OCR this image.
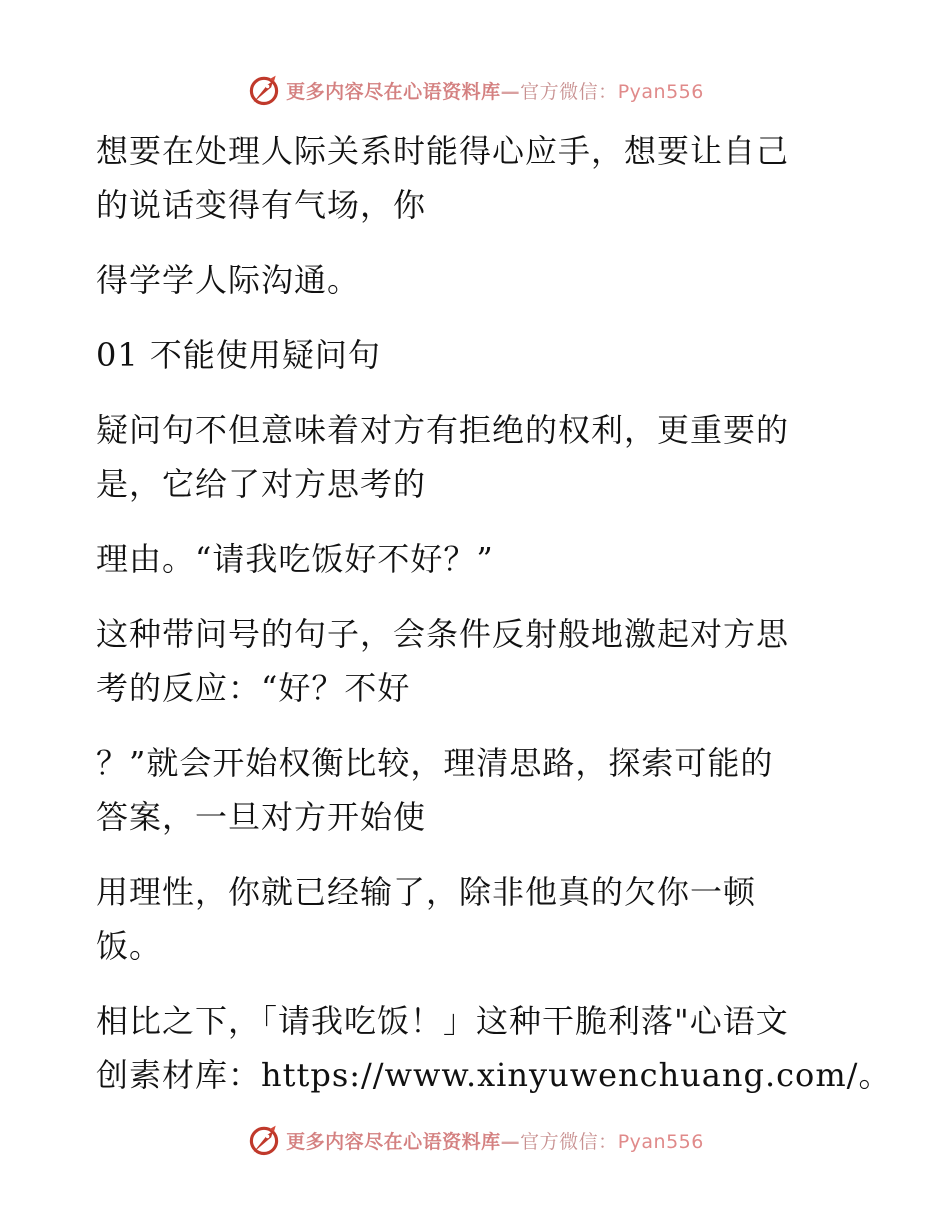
更多内容尽在心语资料库—官方微信：Pyan556

想要在处理人际关系时能得心应手，想要让自己
的说话变得有气场，你

得学学人际沟通。

01 不能使用疑问句

疑问句不但意味着对方有拒绝的权利，更重要的
是，它给了对方思考的

理由。“请我吃饭好不好？”

这种带问号的句子，会条件反射般地激起对方思
考的反应：“好？不好

？”就会开始权衡比较，理清思路，探索可能的
答案，一旦对方开始使

用理性，你就已经输了，除非他真的欠你一顿
饭。

相比之下，「请我吃饭！」这种干脆利落"心语文
创素材库：https://www.xinyuwenchuang.com/。

更多内容尽在心语资料库—官方微信：Pyan556
